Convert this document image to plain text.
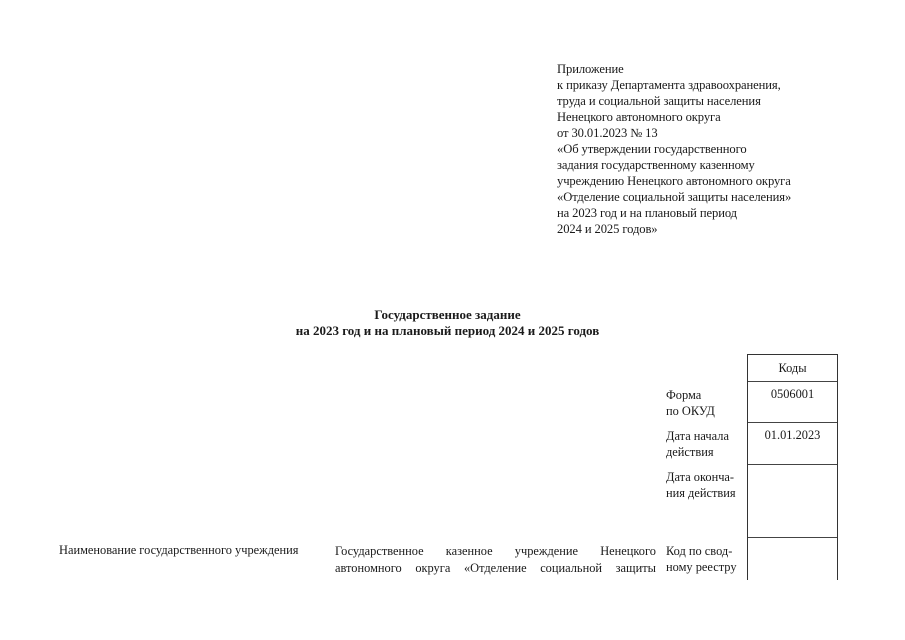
Приложение
к приказу Департамента здравоохранения,
труда и социальной защиты населения
Ненецкого автономного округа
от 30.01.2023 № 13
«Об утверждении государственного
задания государственному казенному
учреждению Ненецкого автономного округа
«Отделение социальной защиты населения»
на 2023 год и на плановый период
2024 и 2025 годов»
Государственное задание
на 2023 год и на плановый период 2024 и 2025 годов
Форма
по ОКУД
Дата начала
действия
Дата оконча-
ния действия
Код по свод-
ному реестру
Коды
0506001
01.01.2023
Наименование государственного учреждения	Государственное казенное учреждение Ненецкого
автономного округа «Отделение социальной защиты
